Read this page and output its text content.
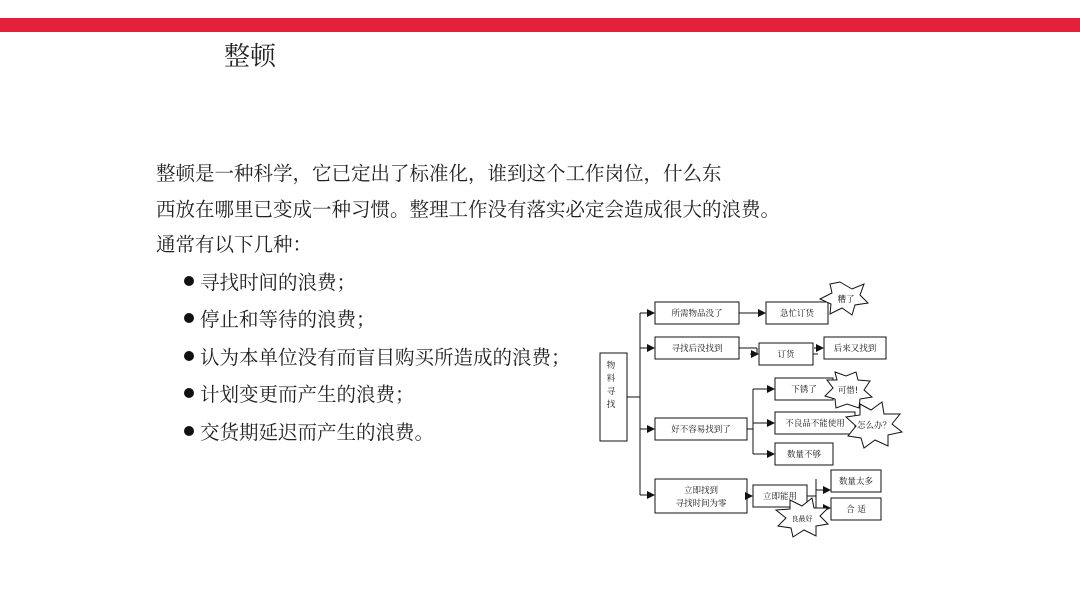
整顿
整顿是一种科学，它已定出了标准化，谁到这个工作岗位，什么东
西放在哪里已变成一种习惯。整理工作没有落实必定会造成很大的浪费。
通常有以下几种：
寻找时间的浪费；
停止和等待的浪费；
认为本单位没有而盲目购买所造成的浪费；
计划变更而产生的浪费；
交货期延迟而产生的浪费。
物
料
寻
找
所需物品没了	急忙订货
寻找后没找到
订货
后来又找到
好不容易找到了
下锈了
不良品不能使用
数量不够
立即找到
寻找时间为零
立即能用
数量太多
合 适
糟了
可惜!
怎么办？
良最好
